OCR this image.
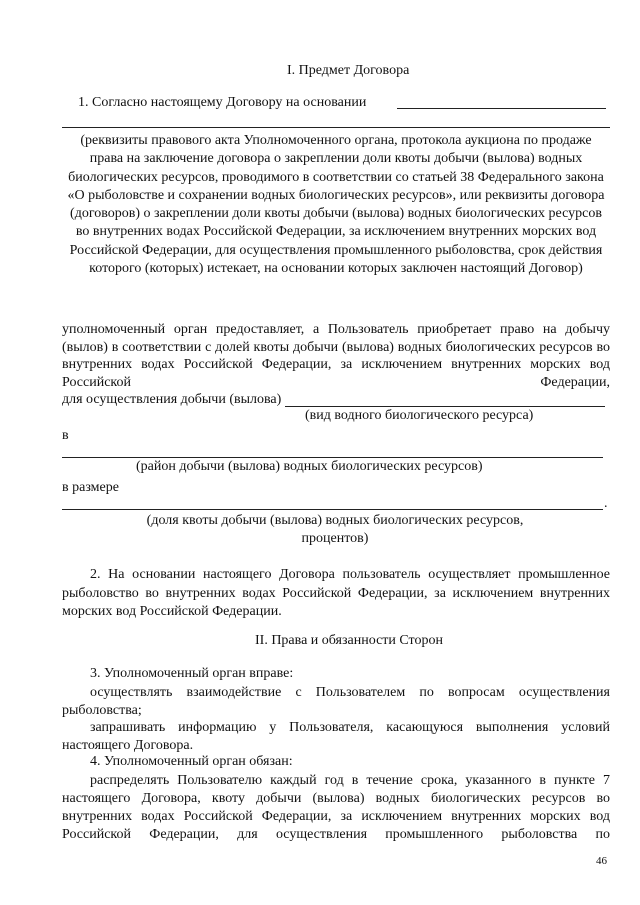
I. Предмет Договора
1. Согласно настоящему Договору на основании
(реквизиты правового акта Уполномоченного органа, протокола аукциона по продаже права на заключение договора о закреплении доли квоты добычи (вылова) водных биологических ресурсов, проводимого в соответствии со статьей 38 Федерального закона «О рыболовстве и сохранении водных биологических ресурсов», или реквизиты договора (договоров) о закреплении доли квоты добычи (вылова) водных биологических ресурсов во внутренних водах Российской Федерации, за исключением внутренних морских вод Российской Федерации, для осуществления промышленного рыболовства, срок действия которого (которых) истекает, на основании которых заключен настоящий Договор)
уполномоченный орган предоставляет, а Пользователь приобретает право на добычу (вылов) в соответствии с долей квоты добычи (вылова) водных биологических ресурсов во внутренних водах Российской Федерации, за исключением внутренних морских вод Российской Федерации,
для осуществления добычи (вылова)
(вид водного биологического ресурса)
в
(район добычи (вылова) водных биологических ресурсов)
в размере
.
(доля квоты добычи (вылова) водных биологических ресурсов, процентов)
2. На основании настоящего Договора пользователь осуществляет промышленное рыболовство во внутренних водах Российской Федерации, за исключением внутренних морских вод Российской Федерации.
II. Права и обязанности Сторон
3. Уполномоченный орган вправе:
осуществлять взаимодействие с Пользователем по вопросам осуществления рыболовства;
запрашивать информацию у Пользователя, касающуюся выполнения условий настоящего Договора.
4. Уполномоченный орган обязан:
распределять Пользователю каждый год в течение срока, указанного в пункте 7 настоящего Договора, квоту добычи (вылова) водных биологических ресурсов во внутренних водах Российской Федерации, за исключением внутренних морских вод Российской Федерации, для осуществления промышленного рыболовства по
46
